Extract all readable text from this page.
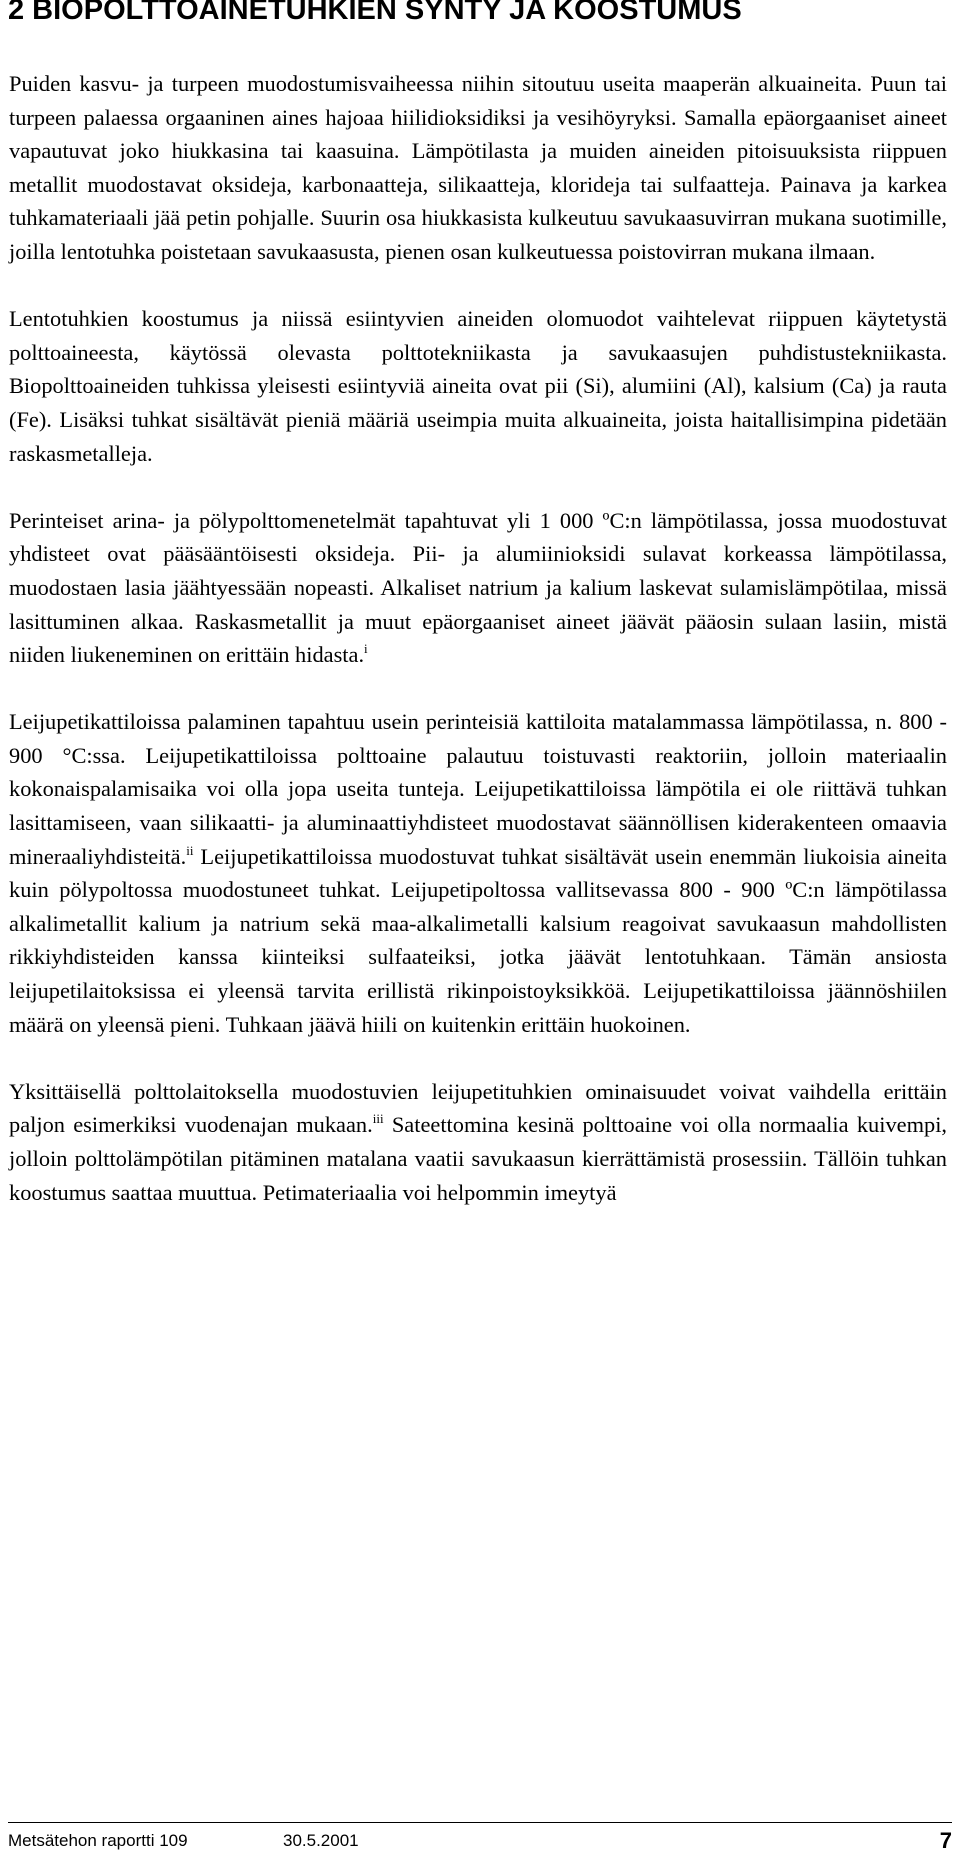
2 BIOPOLTTOAINETUHKIEN SYNTY JA KOOSTUMUS

Puiden kasvu- ja turpeen muodostumisvaiheessa niihin sitoutuu useita maaperän alkuaineita. Puun tai turpeen palaessa orgaaninen aines hajoaa hiilidioksidiksi ja vesihöyryksi. Samalla epäorgaaniset aineet vapautuvat joko hiukkasina tai kaasuina. Lämpötilasta ja muiden aineiden pitoisuuksista riippuen metallit muodostavat oksideja, karbonaatteja, silikaatteja, klorideja tai sulfaatteja. Painava ja karkea tuhkamateriaali jää petin pohjalle. Suurin osa hiukkasista kulkeutuu savukaasuvirran mukana suotimille, joilla lentotuhka poistetaan savukaasusta, pienen osan kulkeutuessa poistovirran mukana ilmaan.

Lentotuhkien koostumus ja niissä esiintyvien aineiden olomuodot vaihtelevat riippuen käytetystä polttoaineesta, käytössä olevasta polttotekniikasta ja savukaasujen puhdistustekniikasta. Biopolttoaineiden tuhkissa yleisesti esiintyviä aineita ovat pii (Si), alumiini (Al), kalsium (Ca) ja rauta (Fe). Lisäksi tuhkat sisältävät pieniä määriä useimpia muita alkuaineita, joista haitallisimpina pidetään raskasmetalleja.

Perinteiset arina- ja pölypolttomenetelmät tapahtuvat yli 1 000 ºC:n lämpötilassa, jossa muodostuvat yhdisteet ovat pääsääntöisesti oksideja. Pii- ja alumiinioksidi sulavat korkeassa lämpötilassa, muodostaen lasia jäähtyessään nopeasti. Alkaliset natrium ja kalium laskevat sulamislämpötilaa, missä lasittuminen alkaa. Raskasmetallit ja muut epäorgaaniset aineet jäävät pääosin sulaan lasiin, mistä niiden liukeneminen on erittäin hidasta.$^i$

Leijupetikattiloissa palaminen tapahtuu usein perinteisiä kattiloita matalammassa lämpötilassa, n. 800 - 900 °C:ssa. Leijupetikattiloissa polttoaine palautuu toistuvasti reaktoriin, jolloin materiaalin kokonaispalamisaika voi olla jopa useita tunteja. Leijupetikattiloissa lämpötila ei ole riittävä tuhkan lasittamiseen, vaan silikaatti- ja aluminaattiyhdisteet muodostavat säännöllisen kiderakenteen omaavia mineraaliyhdisteitä.$^{ii}$ Leijupetikattiloissa muodostuvat tuhkat sisältävät usein enemmän liukoisia aineita kuin pölypoltossa muodostuneet tuhkat. Leijupetipoltossa vallitsevassa 800 - 900 ºC:n lämpötilassa alkalimetallit kalium ja natrium sekä maa-alkalimetalli kalsium reagoivat savukaasun mahdollisten rikkiyhdisteiden kanssa kiinteiksi sulfaateiksi, jotka jäävät lentotuhkaan. Tämän ansiosta leijupetilaitoksissa ei yleensä tarvita erillistä rikinpoistoyksikköä. Leijupetikattiloissa jäännöshiilen määrä on yleensä pieni. Tuhkaan jäävä hiili on kuitenkin erittäin huokoinen.

Yksittäisellä polttolaitoksella muodostuvien leijupetituhkien ominaisuudet voivat vaihdella erittäin paljon esimerkiksi vuodenajan mukaan.$^{iii}$ Sateettomina kesinä polttoaine voi olla normaalia kuivempi, jolloin polttolämpötilan pitäminen matalana vaatii savukaasun kierrättämistä prosessiin. Tällöin tuhkan koostumus saattaa muuttua. Petimateriaalia voi helpommin imeytyä

Metsätehon raportti 109	30.5.2001	7
